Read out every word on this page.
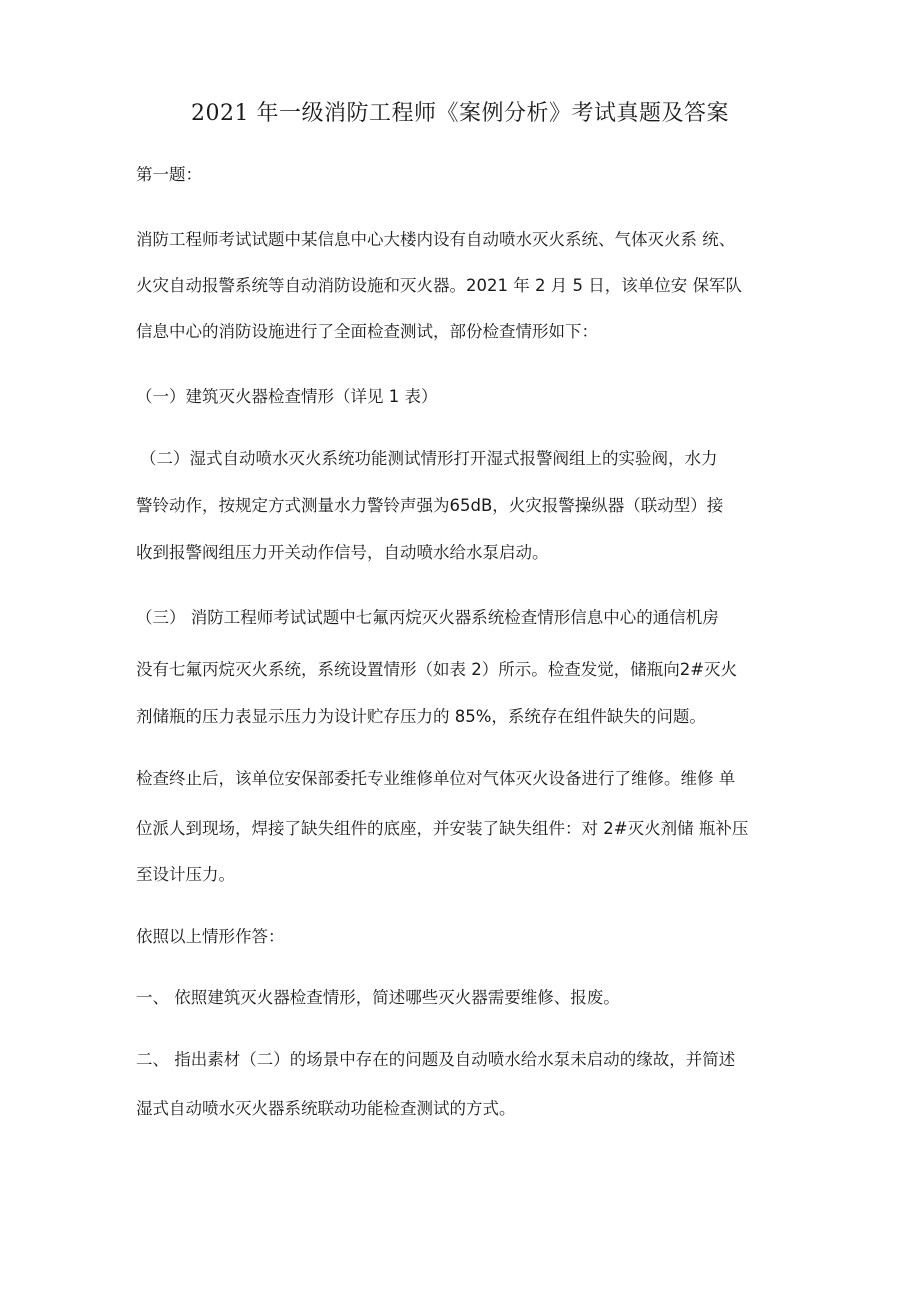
2021 年一级消防工程师《案例分析》考试真题及答案

第一题：

消防工程师考试试题中某信息中心大楼内设有自动喷水灭火系统、气体灭火系 统、

火灾自动报警系统等自动消防设施和灭火器。2021 年 2 月 5 日，该单位安 保军队

信息中心的消防设施进行了全面检查测试，部份检查情形如下：

（一）建筑灭火器检查情形（详见 1 表）

（二）湿式自动喷水灭火系统功能测试情形打开湿式报警阀组上的实验阀，水力

警铃动作，按规定方式测量水力警铃声强为65dB，火灾报警操纵器（联动型）接

收到报警阀组压力开关动作信号，自动喷水给水泵启动。

（三） 消防工程师考试试题中七氟丙烷灭火器系统检查情形信息中心的通信机房

没有七氟丙烷灭火系统，系统设置情形（如表 2）所示。检查发觉，储瓶向2#灭火

剂储瓶的压力表显示压力为设计贮存压力的 85%，系统存在组件缺失的问题。

检查终止后，该单位安保部委托专业维修单位对气体灭火设备进行了维修。维修 单

位派人到现场，焊接了缺失组件的底座，并安装了缺失组件：对 2#灭火剂储 瓶补压

至设计压力。

依照以上情形作答：

一、 依照建筑灭火器检查情形，简述哪些灭火器需要维修、报废。

二、 指出素材（二）的场景中存在的问题及自动喷水给水泵未启动的缘故，并简述

湿式自动喷水灭火器系统联动功能检查测试的方式。
